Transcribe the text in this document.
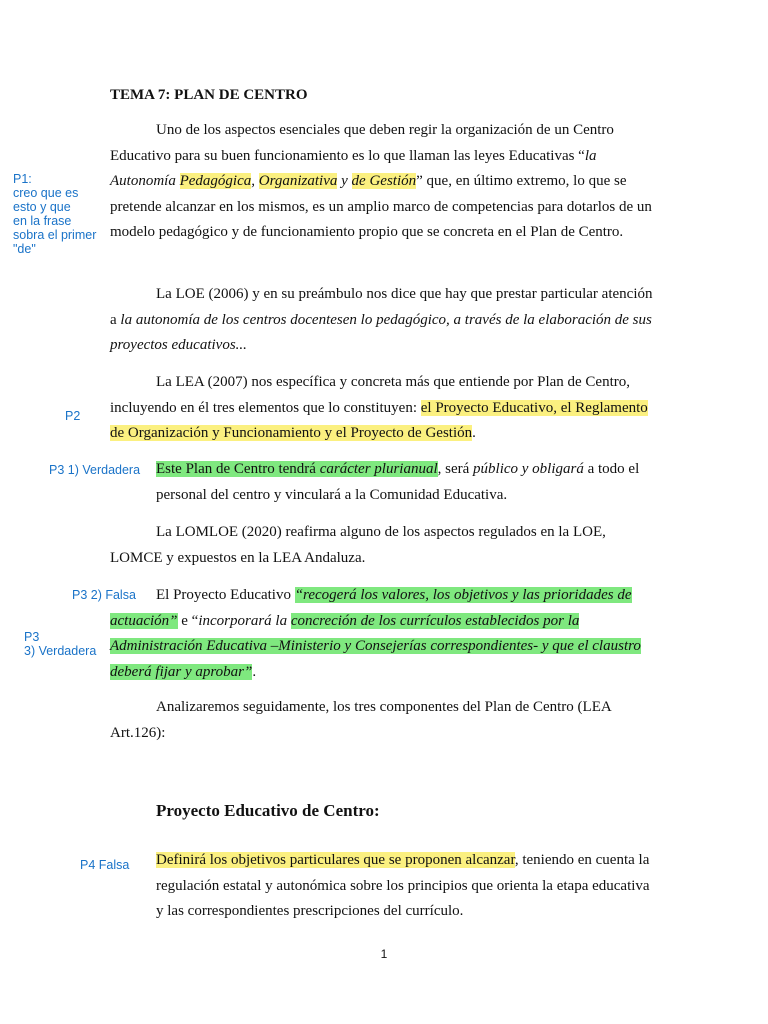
TEMA 7: PLAN DE CENTRO
Uno de los aspectos esenciales que deben regir la organización de un Centro Educativo para su buen funcionamiento es lo que llaman las leyes Educativas “la Autonomía Pedagógica, Organizativa y de Gestión” que, en último extremo, lo que se pretende alcanzar en los mismos, es un amplio marco de competencias para dotarlos de un modelo pedagógico y de funcionamiento propio que se concreta en el Plan de Centro.
La LOE (2006) y en su preámbulo nos dice que hay que prestar particular atención a la autonomía de los centros docentesen lo pedagógico, a través de la elaboración de sus proyectos educativos...
La LEA (2007) nos específica y concreta más que entiende por Plan de Centro, incluyendo en él tres elementos que lo constituyen: el Proyecto Educativo, el Reglamento de Organización y Funcionamiento y el Proyecto de Gestión.
Este Plan de Centro tendrá carácter plurianual, será público y obligará a todo el personal del centro y vinculará a la Comunidad Educativa.
La LOMLOE (2020) reafirma alguno de los aspectos regulados en la LOE, LOMCE y expuestos en la LEA Andaluza.
El Proyecto Educativo “recogerá los valores, los objetivos y las prioridades de actuación” e “incorporará la concreción de los currículos establecidos por la Administración Educativa –Ministerio y Consejerías correspondientes- y que el claustro deberá fijar y aprobar”.
Analizaremos seguidamente, los tres componentes del Plan de Centro (LEA Art.126):
Proyecto Educativo de Centro:
Definirá los objetivos particulares que se proponen alcanzar, teniendo en cuenta la regulación estatal y autonómica sobre los principios que orienta la etapa educativa y las correspondientes prescripciones del currículo.
P1:
creo que es
esto y que
en la frase
sobra el primer
"de"
P2
P3 1) Verdadera
P3 2) Falsa
P3
3) Verdadera
P4 Falsa
1
